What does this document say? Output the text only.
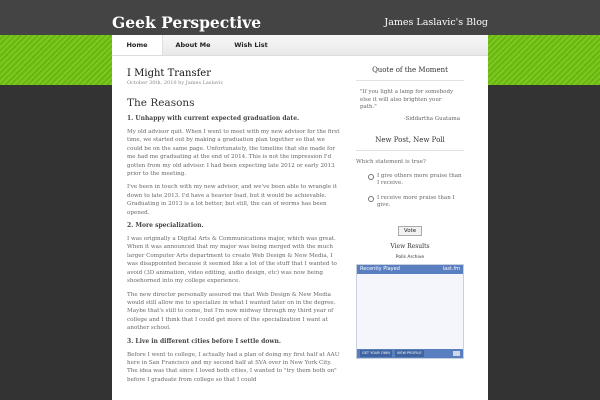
Geek Perspective	James Laslavic's Blog
Home	About Me	Wish List
I Might Transfer
October 30th, 2010 by James Laslavic
The Reasons
1. Unhappy with current expected graduation date.

My old advisor quit. When I went to meet with my new advisor for the first time, we started out by making a graduation plan together so that we could be on the same page. Unfortunately, the timeline that she made for me had me graduating at the end of 2014. This is not the impression I'd gotten from my old advisor. I had been expecting late 2012 or early 2013 prior to the meeting.

I've been in touch with my new advisor, and we've been able to wrangle it down to late 2013. I'd have a heavier load, but it would be achievable. Graduating in 2013 is a lot better, but still, the can of worms has been opened.

2. More specialization.

I was originally a Digital Arts & Communications major, which was great. When it was announced that my major was being merged with the much larger Computer Arts department to create Web Design & New Media, I was disappointed because it seemed like a lot of the stuff that I wanted to avoid (3D animation, video editing, audio design, etc) was now being shoehorned into my college experience.

The new director personally assured me that Web Design & New Media would still allow me to specialize in what I wanted later on in the degree. Maybe that's still to come, but I'm now midway through my third year of college and I think that I could get more of the specialization I want at another school.

3. Live in different cities before I settle down.

Before I went to college, I actually had a plan of doing my first half at AAU here in San Francisco and my second half at SVA over in New York City. The idea was that since I loved both cities, I wanted to "try them both on" before I graduate from college so that I could

Quote of the Moment
"If you light a lamp for somebody else it will also brighten your path."
-Siddartha Guatama
New Post, New Poll
Which statement is true?
I give others more praise than I receive.
I receive more praise than I give.
Vote
View Results
Polls Archive
Recently Played	last.fm
GET YOUR OWN	VIEW PROFILE
